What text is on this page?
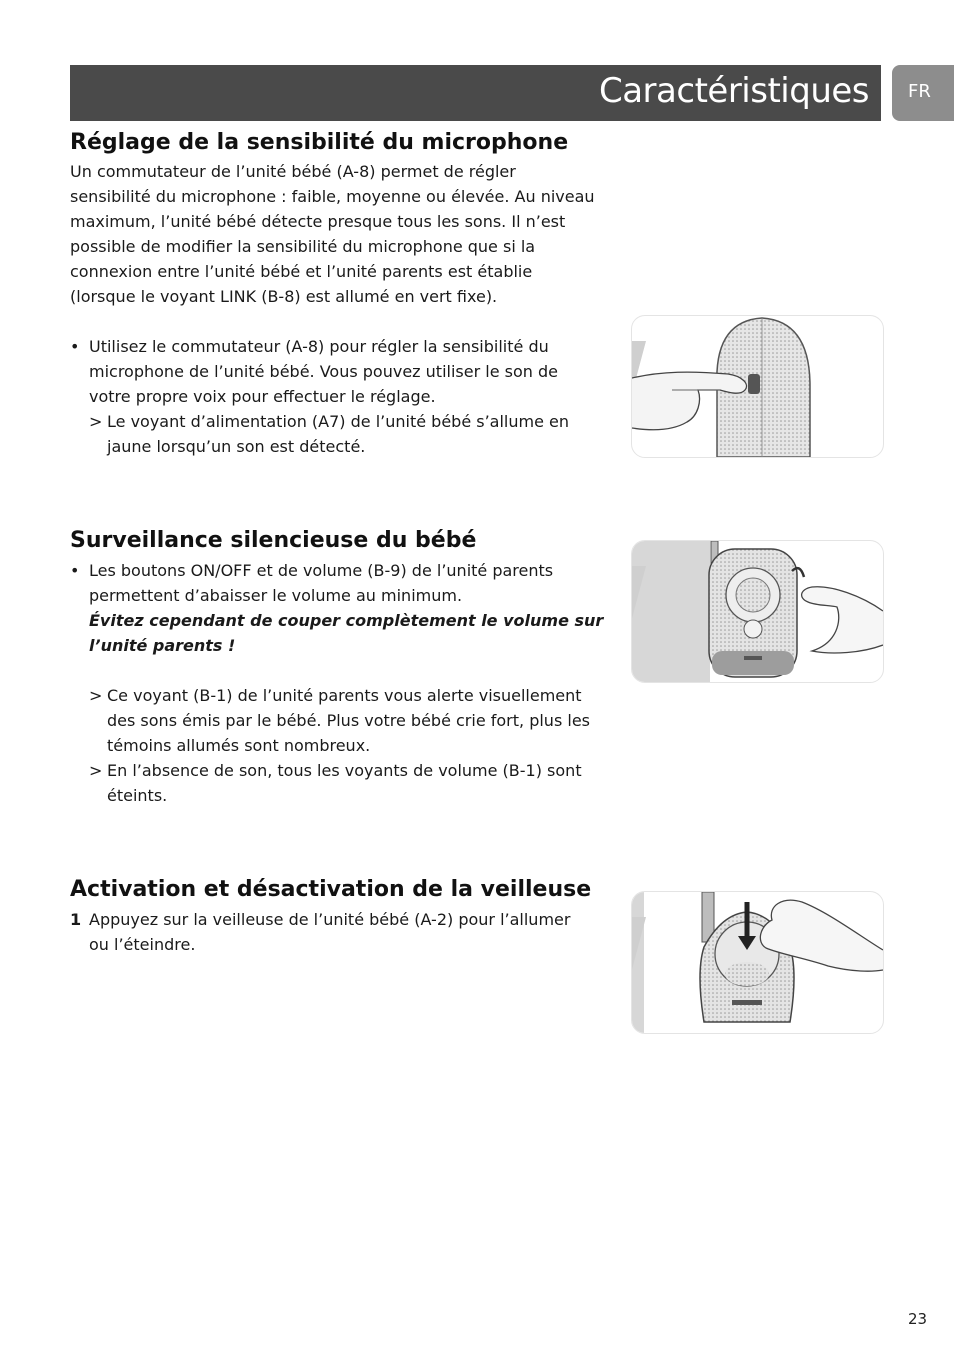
Caractéristiques FR
Réglage de la sensibilité du microphone
Un commutateur de l’unité bébé (A-8) permet de régler
sensibilité du microphone : faible, moyenne ou élevée. Au niveau
maximum, l’unité bébé détecte presque tous les sons. Il n’est
possible de modifier la sensibilité du microphone que si la
connexion entre l’unité bébé et l’unité parents est établie
(lorsque le voyant LINK (B-8) est allumé en vert fixe).
• Utilisez le commutateur (A-8) pour régler la sensibilité du
microphone de l’unité bébé. Vous pouvez utiliser le son de
votre propre voix pour effectuer le réglage.
> Le voyant d’alimentation (A7) de l’unité bébé s’allume en
jaune lorsqu’un son est détecté.
Surveillance silencieuse du bébé
• Les boutons ON/OFF et de volume (B-9) de l’unité parents
permettent d’abaisser le volume au minimum.
Évitez cependant de couper complètement le volume sur
l’unité parents !
> Ce voyant (B-1) de l’unité parents vous alerte visuellement
des sons émis par le bébé. Plus votre bébé crie fort, plus les
témoins allumés sont nombreux.
> En l’absence de son, tous les voyants de volume (B-1) sont
éteints.
Activation et désactivation de la veilleuse
1 Appuyez sur la veilleuse de l’unité bébé (A-2) pour l’allumer
ou l’éteindre.
23
